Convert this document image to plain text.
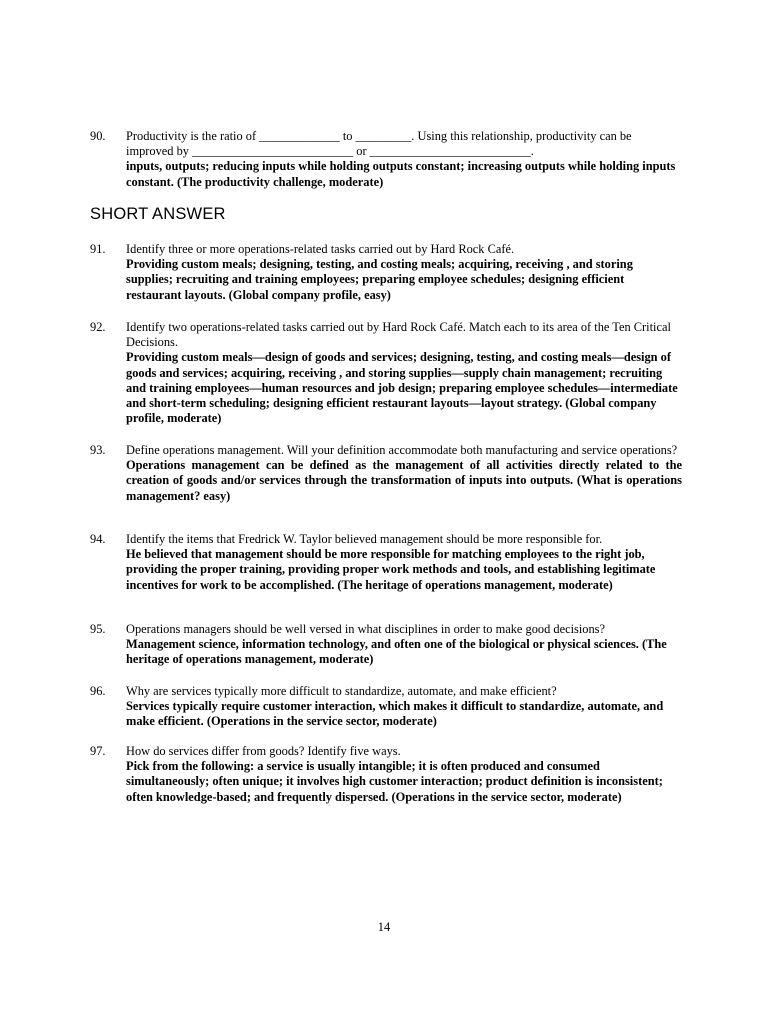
90.	Productivity is the ratio of _____________ to _________. Using this relationship, productivity can be improved by __________________________ or __________________________.
inputs, outputs; reducing inputs while holding outputs constant; increasing outputs while holding inputs constant. (The productivity challenge, moderate)
SHORT ANSWER
91.	Identify three or more operations-related tasks carried out by Hard Rock Café.
Providing custom meals; designing, testing, and costing meals; acquiring, receiving , and storing supplies; recruiting and training employees; preparing employee schedules; designing efficient restaurant layouts. (Global company profile, easy)
92.	Identify two operations-related tasks carried out by Hard Rock Café. Match each to its area of the Ten Critical Decisions.
Providing custom meals—design of goods and services; designing, testing, and costing meals—design of goods and services; acquiring, receiving , and storing supplies—supply chain management; recruiting and training employees—human resources and job design; preparing employee schedules—intermediate and short-term scheduling; designing efficient restaurant layouts—layout strategy. (Global company profile, moderate)
93.	Define operations management. Will your definition accommodate both manufacturing and service operations?
Operations management can be defined as the management of all activities directly related to the creation of goods and/or services through the transformation of inputs into outputs. (What is operations management? easy)
94.	Identify the items that Fredrick W. Taylor believed management should be more responsible for.
He believed that management should be more responsible for matching employees to the right job, providing the proper training, providing proper work methods and tools, and establishing legitimate incentives for work to be accomplished. (The heritage of operations management, moderate)
95.	Operations managers should be well versed in what disciplines in order to make good decisions?
Management science, information technology, and often one of the biological or physical sciences. (The heritage of operations management, moderate)
96.	Why are services typically more difficult to standardize, automate, and make efficient?
Services typically require customer interaction, which makes it difficult to standardize, automate, and make efficient. (Operations in the service sector, moderate)
97.	How do services differ from goods? Identify five ways.
Pick from the following: a service is usually intangible; it is often produced and consumed simultaneously; often unique; it involves high customer interaction; product definition is inconsistent; often knowledge-based; and frequently dispersed. (Operations in the service sector, moderate)
14
